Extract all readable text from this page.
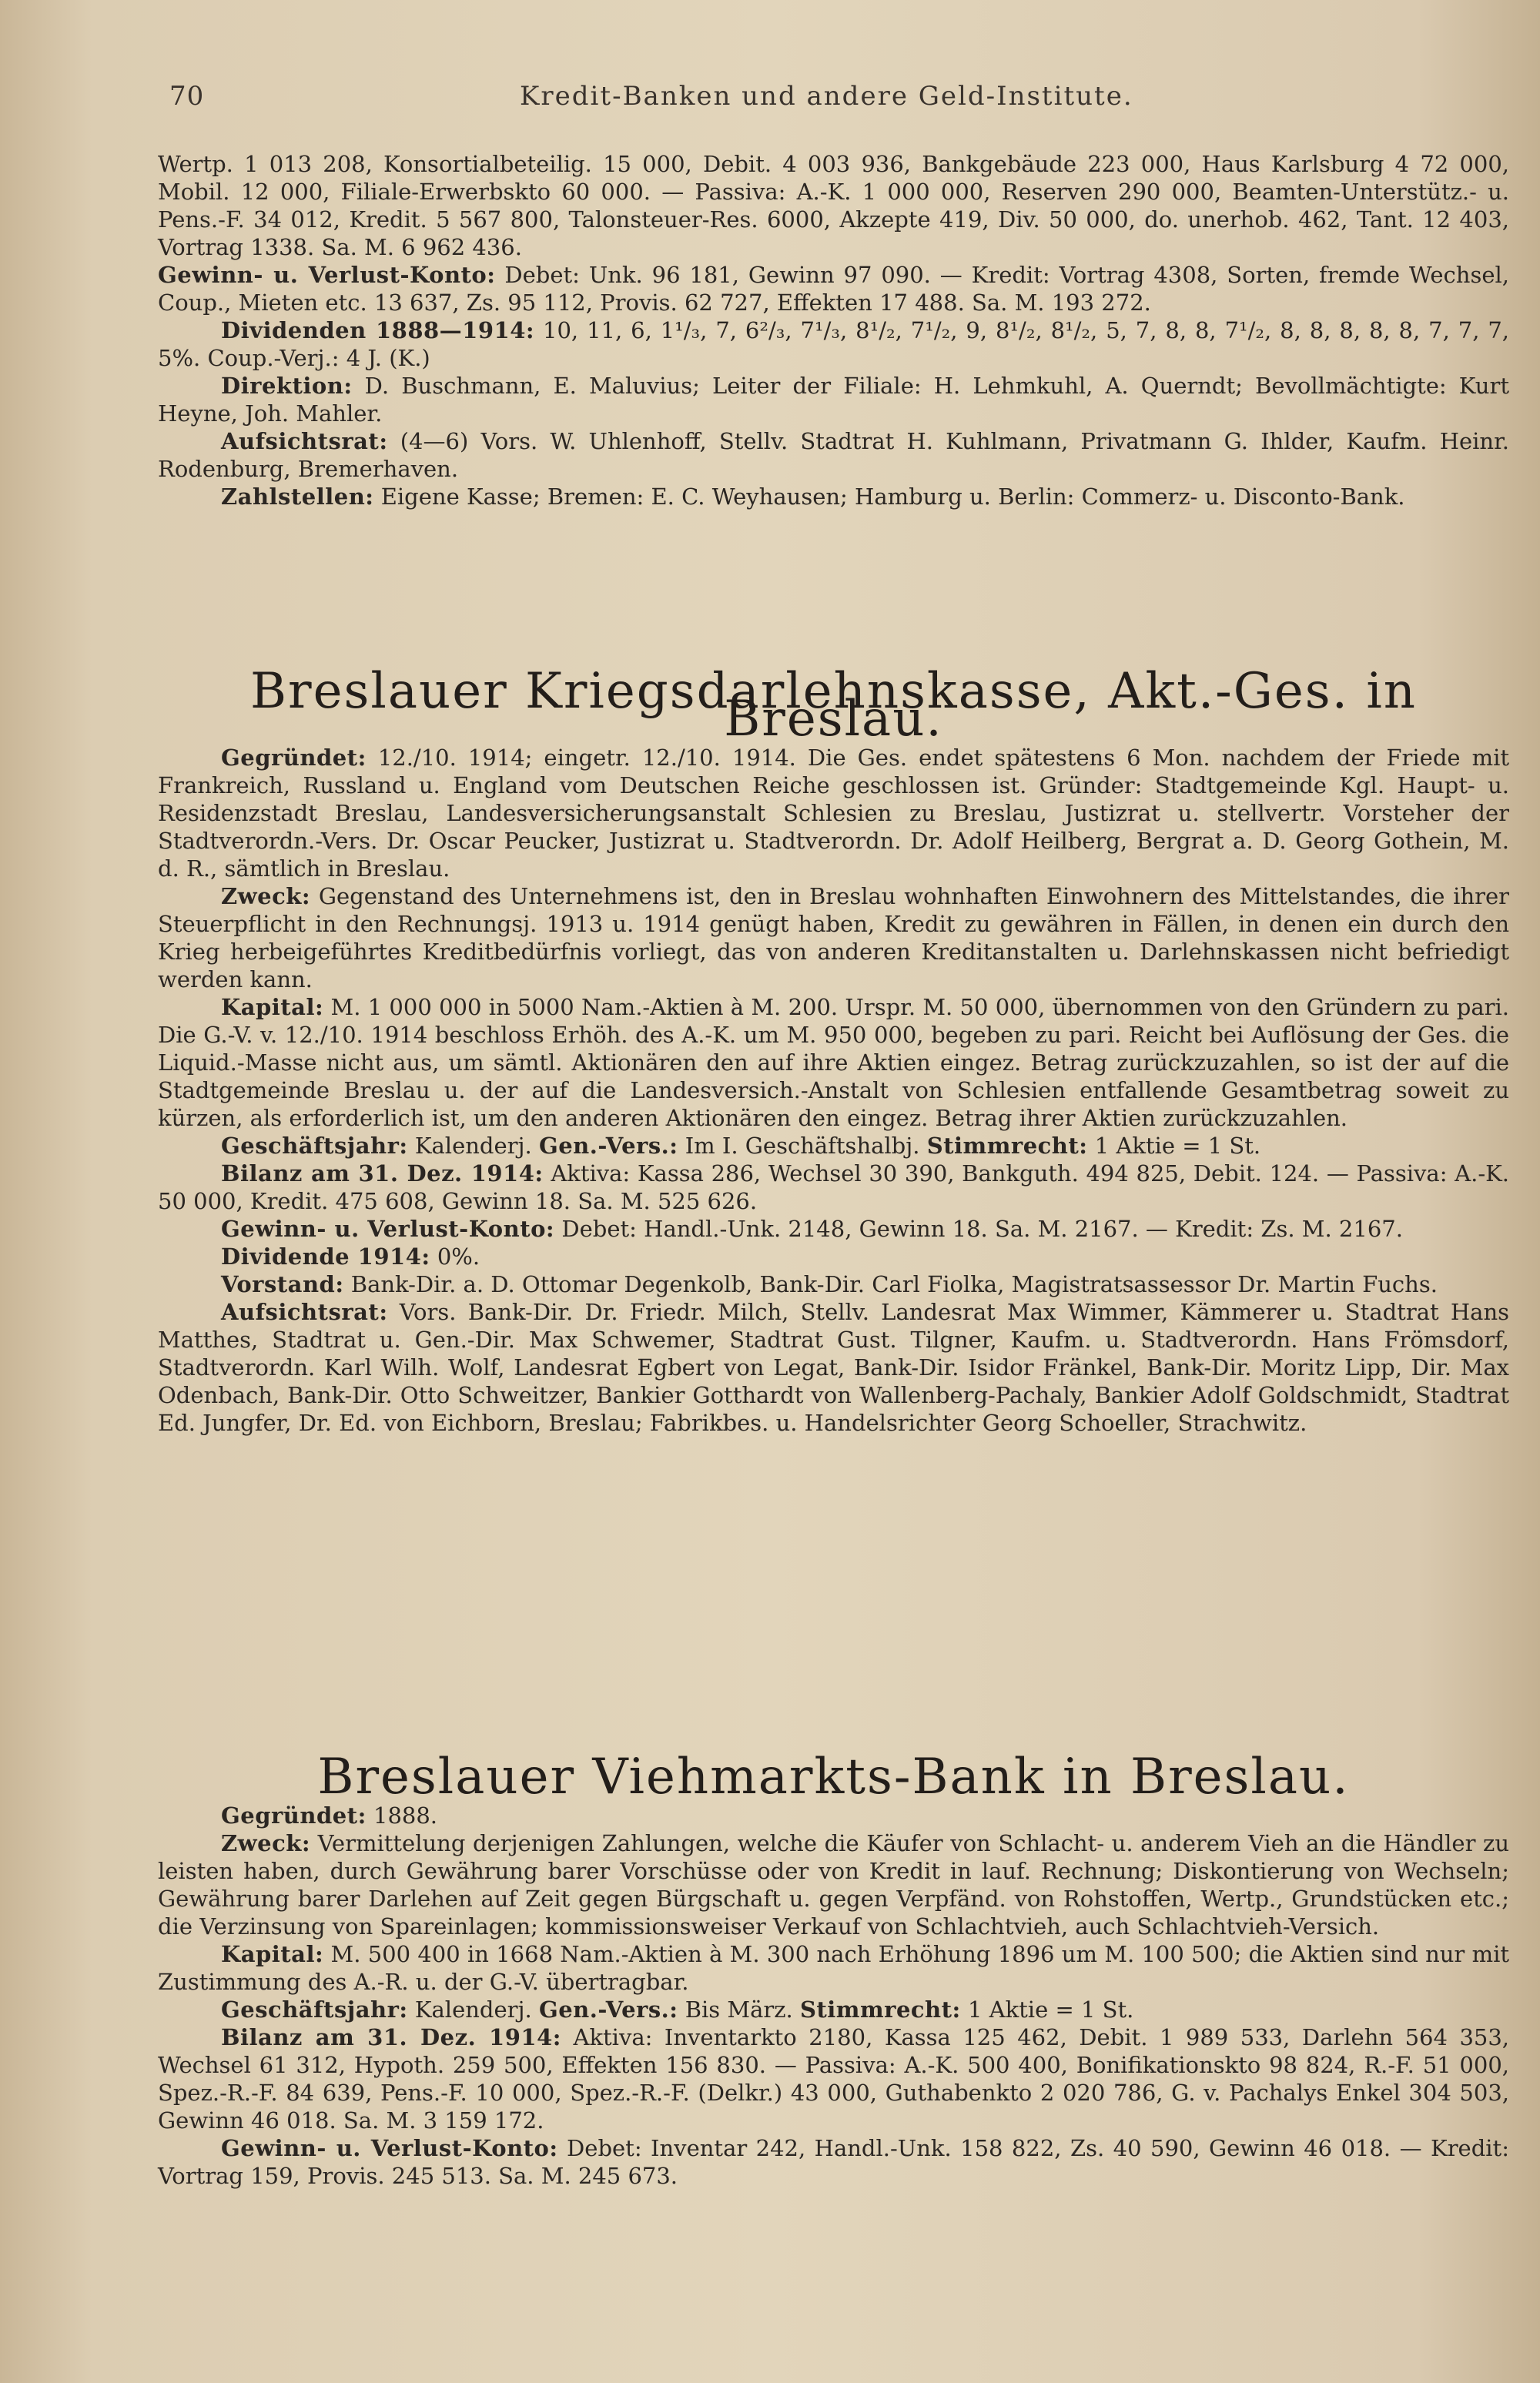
70	Kredit-Banken und andere Geld-Institute.

Wertp. 1 013 208, Konsortialbeteilig. 15 000, Debit. 4 003 936, Bankgebäude 223 000, Haus Karlsburg 4 72 000, Mobil. 12 000, Filiale-Erwerbskto 60 000. — Passiva: A.-K. 1 000 000, Reserven 290 000, Beamten-Unterstütz.- u. Pens.-F. 34 012, Kredit. 5 567 800, Talonsteuer-Res. 6000, Akzepte 419, Div. 50 000, do. unerhob. 462, Tant. 12 403, Vortrag 1338. Sa. M. 6 962 436.

Gewinn- u. Verlust-Konto: Debet: Unk. 96 181, Gewinn 97 090. — Kredit: Vortrag 4308, Sorten, fremde Wechsel, Coup., Mieten etc. 13 637, Zs. 95 112, Provis. 62 727, Effekten 17 488. Sa. M. 193 272.

Dividenden 1888—1914: 10, 11, 6, 1¹/₃, 7, 6²/₃, 7¹/₃, 8¹/₂, 7¹/₂, 9, 8¹/₂, 8¹/₂, 5, 7, 8, 8, 7¹/₂, 8, 8, 8, 8, 8, 7, 7, 7, 5%. Coup.-Verj.: 4 J. (K.)

Direktion: D. Buschmann, E. Maluvius; Leiter der Filiale: H. Lehmkuhl, A. Querndt; Bevollmächtigte: Kurt Heyne, Joh. Mahler.

Aufsichtsrat: (4—6) Vors. W. Uhlenhoff, Stellv. Stadtrat H. Kuhlmann, Privatmann G. Ihlder, Kaufm. Heinr. Rodenburg, Bremerhaven.

Zahlstellen: Eigene Kasse; Bremen: E. C. Weyhausen; Hamburg u. Berlin: Commerz- u. Disconto-Bank.

Breslauer Kriegsdarlehnskasse, Akt.-Ges. in Breslau.

Gegründet: 12./10. 1914; eingetr. 12./10. 1914. Die Ges. endet spätestens 6 Mon. nachdem der Friede mit Frankreich, Russland u. England vom Deutschen Reiche geschlossen ist. Gründer: Stadtgemeinde Kgl. Haupt- u. Residenzstadt Breslau, Landesversicherungsanstalt Schlesien zu Breslau, Justizrat u. stellvertr. Vorsteher der Stadtverordn.-Vers. Dr. Oscar Peucker, Justizrat u. Stadtverordn. Dr. Adolf Heilberg, Bergrat a. D. Georg Gothein, M. d. R., sämtlich in Breslau.

Zweck: Gegenstand des Unternehmens ist, den in Breslau wohnhaften Einwohnern des Mittelstandes, die ihrer Steuerpflicht in den Rechnungsj. 1913 u. 1914 genügt haben, Kredit zu gewähren in Fällen, in denen ein durch den Krieg herbeigeführtes Kreditbedürfnis vorliegt, das von anderen Kreditanstalten u. Darlehnskassen nicht befriedigt werden kann.

Kapital: M. 1 000 000 in 5000 Nam.-Aktien à M. 200. Urspr. M. 50 000, übernommen von den Gründern zu pari. Die G.-V. v. 12./10. 1914 beschloss Erhöh. des A.-K. um M. 950 000, begeben zu pari. Reicht bei Auflösung der Ges. die Liquid.-Masse nicht aus, um sämtl. Aktionären den auf ihre Aktien eingez. Betrag zurückzuzahlen, so ist der auf die Stadtgemeinde Breslau u. der auf die Landesversich.-Anstalt von Schlesien entfallende Gesamtbetrag soweit zu kürzen, als erforderlich ist, um den anderen Aktionären den eingez. Betrag ihrer Aktien zurückzuzahlen.

Geschäftsjahr: Kalenderj. Gen.-Vers.: Im I. Geschäftshalbj. Stimmrecht: 1 Aktie = 1 St.

Bilanz am 31. Dez. 1914: Aktiva: Kassa 286, Wechsel 30 390, Bankguth. 494 825, Debit. 124. — Passiva: A.-K. 50 000, Kredit. 475 608, Gewinn 18. Sa. M. 525 626.

Gewinn- u. Verlust-Konto: Debet: Handl.-Unk. 2148, Gewinn 18. Sa. M. 2167. — Kredit: Zs. M. 2167.

Dividende 1914: 0%.

Vorstand: Bank-Dir. a. D. Ottomar Degenkolb, Bank-Dir. Carl Fiolka, Magistratsassessor Dr. Martin Fuchs.

Aufsichtsrat: Vors. Bank-Dir. Dr. Friedr. Milch, Stellv. Landesrat Max Wimmer, Kämmerer u. Stadtrat Hans Matthes, Stadtrat u. Gen.-Dir. Max Schwemer, Stadtrat Gust. Tilgner, Kaufm. u. Stadtverordn. Hans Frömsdorf, Stadtverordn. Karl Wilh. Wolf, Landesrat Egbert von Legat, Bank-Dir. Isidor Fränkel, Bank-Dir. Moritz Lipp, Dir. Max Odenbach, Bank-Dir. Otto Schweitzer, Bankier Gotthardt von Wallenberg-Pachaly, Bankier Adolf Goldschmidt, Stadtrat Ed. Jungfer, Dr. Ed. von Eichborn, Breslau; Fabrikbes. u. Handelsrichter Georg Schoeller, Strachwitz.

Breslauer Viehmarkts-Bank in Breslau.

Gegründet: 1888.

Zweck: Vermittelung derjenigen Zahlungen, welche die Käufer von Schlacht- u. anderem Vieh an die Händler zu leisten haben, durch Gewährung barer Vorschüsse oder von Kredit in lauf. Rechnung; Diskontierung von Wechseln; Gewährung barer Darlehen auf Zeit gegen Bürgschaft u. gegen Verpfänd. von Rohstoffen, Wertp., Grundstücken etc.; die Verzinsung von Spareinlagen; kommissionsweiser Verkauf von Schlachtvieh, auch Schlachtvieh-Versich.

Kapital: M. 500 400 in 1668 Nam.-Aktien à M. 300 nach Erhöhung 1896 um M. 100 500; die Aktien sind nur mit Zustimmung des A.-R. u. der G.-V. übertragbar.

Geschäftsjahr: Kalenderj. Gen.-Vers.: Bis März. Stimmrecht: 1 Aktie = 1 St.

Bilanz am 31. Dez. 1914: Aktiva: Inventarkto 2180, Kassa 125 462, Debit. 1 989 533, Darlehn 564 353, Wechsel 61 312, Hypoth. 259 500, Effekten 156 830. — Passiva: A.-K. 500 400, Bonifikationskto 98 824, R.-F. 51 000, Spez.-R.-F. 84 639, Pens.-F. 10 000, Spez.-R.-F. (Delkr.) 43 000, Guthabenkto 2 020 786, G. v. Pachalys Enkel 304 503, Gewinn 46 018. Sa. M. 3 159 172.

Gewinn- u. Verlust-Konto: Debet: Inventar 242, Handl.-Unk. 158 822, Zs. 40 590, Gewinn 46 018. — Kredit: Vortrag 159, Provis. 245 513. Sa. M. 245 673.
